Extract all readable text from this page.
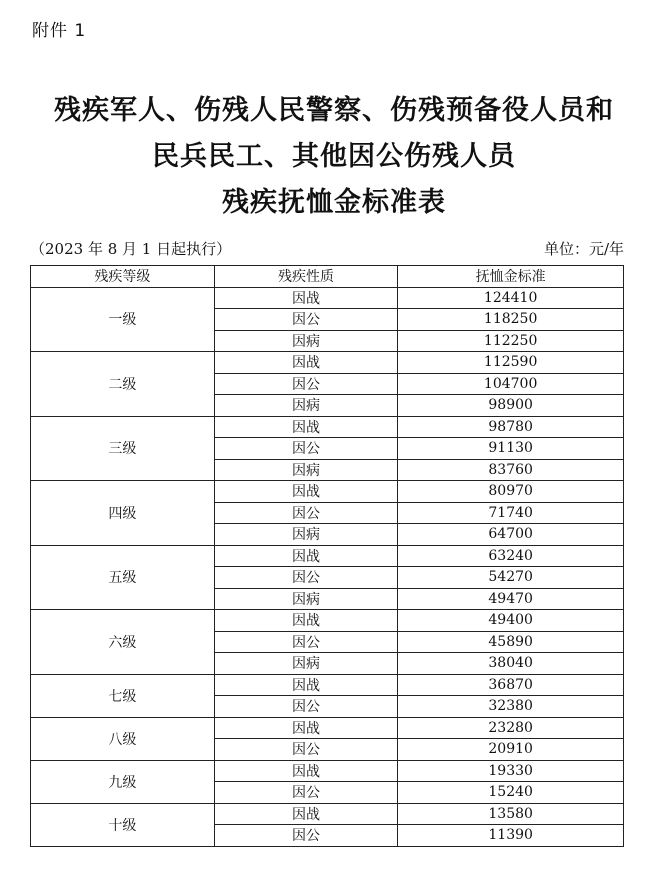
附件 1
残疾军人、伤残人民警察、伤残预备役人员和
民兵民工、其他因公伤残人员
残疾抚恤金标准表
（2023 年 8 月 1 日起执行）	单位：元/年
残疾等级	残疾性质	抚恤金标准
一级	因战	124410
	因公	118250
	因病	112250
二级	因战	112590
	因公	104700
	因病	98900
三级	因战	98780
	因公	91130
	因病	83760
四级	因战	80970
	因公	71740
	因病	64700
五级	因战	63240
	因公	54270
	因病	49470
六级	因战	49400
	因公	45890
	因病	38040
七级	因战	36870
	因公	32380
八级	因战	23280
	因公	20910
九级	因战	19330
	因公	15240
十级	因战	13580
	因公	11390
